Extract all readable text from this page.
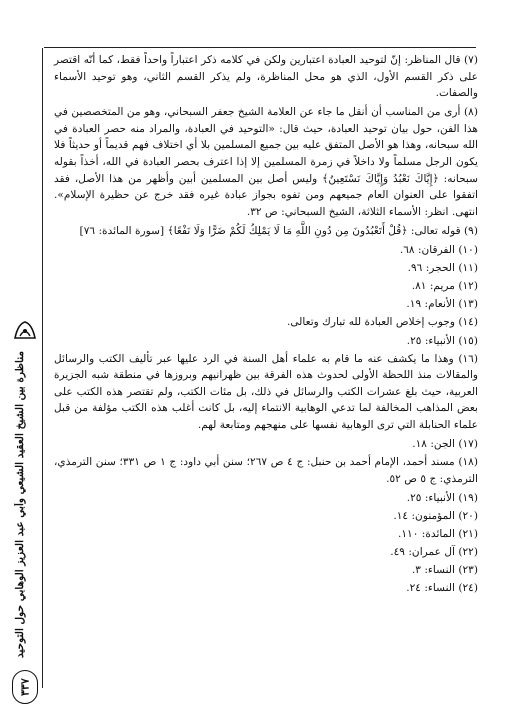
مناظرة بين الشيخ العقيد الشيعي وأبي عبد العزيز الوهابي حول التوحيد
٣٣٧

(٧) قال المناظر: إنّ لتوحيد العبادة اعتبارين ولكن في كلامه ذكر اعتباراً واحداً فقط، كما أنّه اقتصر على ذكر القسم الأول، الذي هو محل المناظرة، ولم يذكر القسم الثاني، وهو توحيد الأسماء والصفات.

(٨) أرى من المناسب أن أنقل ما جاء عن العلامة الشيخ جعفر السبحاني، وهو من المتخصصين في هذا الفن، حول بيان توحيد العبادة، حيث قال: «التوحيد في العبادة، والمراد منه حصر العبادة في الله سبحانه، وهذا هو الأصل المتفق عليه بين جميع المسلمين بلا أي اختلاف فهم قديماً أو حديثاً فلا يكون الرجل مسلماً ولا داخلاً في زمرة المسلمين إلا إذا اعترف بحصر العبادة في الله، أخذاً بقوله سبحانه: ﴿إِيَّاكَ نَعْبُدُ وَإِيَّاكَ نَسْتَعِينُ﴾ وليس أصل بين المسلمين أبين وأظهر من هذا الأصل، فقد اتفقوا على العنوان العام جميعهم ومن تفوه بجواز عبادة غيره فقد خرج عن حظيرة الإسلام». انتهى. انظر: الأسماء الثلاثة، الشيخ السبحاني: ص ٣٢.

(٩) قوله تعالى: ﴿قُلْ أَتَعْبُدُونَ مِن دُونِ اللَّهِ مَا لَا يَمْلِكُ لَكُمْ ضَرًّا وَلَا نَفْعًا﴾ [سورة المائدة: ٧٦]

(١٠) الفرقان: ٦٨.

(١١) الحجر: ٩٦.

(١٢) مريم: ٨١.

(١٣) الأنعام: ١٩.

(١٤) وجوب إخلاص العبادة لله تبارك وتعالى.

(١٥) الأنبياء: ٢٥.

(١٦) وهذا ما يكشف عنه ما قام به علماء أهل السنة في الرد عليها عبر تأليف الكتب والرسائل والمقالات منذ اللحظة الأولى لحدوث هذه الفرقة بين ظهرانيهم وبروزها في منطقة شبه الجزيرة العربية، حيث بلغ عشرات الكتب والرسائل في ذلك، بل مئات الكتب، ولم تقتصر هذه الكتب على بعض المذاهب المخالفة لما تدعي الوهابية الانتماء إليه، بل كانت أغلب هذه الكتب مؤلفة من قبل علماء الحنابلة التي ترى الوهابية نفسها على منهجهم ومتابعة لهم.

(١٧) الجن: ١٨.

(١٨) مسند أحمد، الإمام أحمد بن حنبل: ج ٤ ص ٢٦٧؛ سنن أبي داود: ج ١ ص ٣٣١؛ سنن الترمذي، الترمذي: ج ٥ ص ٥٢.

(١٩) الأنبياء: ٢٥.

(٢٠) المؤمنون: ١٤.

(٢١) المائدة: ١١٠.

(٢٢) آل عمران: ٤٩.

(٢٣) النساء: ٣.

(٢٤) النساء: ٢٤.
